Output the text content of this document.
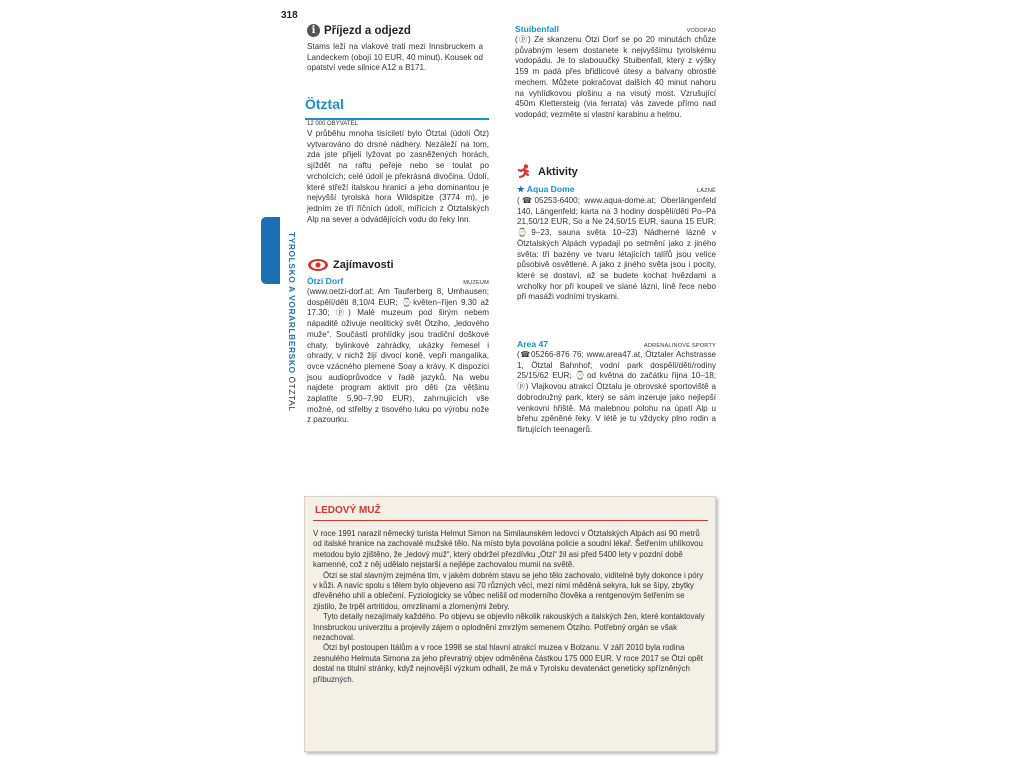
318
TYROLSKO A VORARLBERSKO ÖTZTAL
i Příjezd a odjezd

Stams leží na vlakové trati mezi Innsbruckem a Landeckem (obojí 10 EUR, 40 minut). Kousek od opatství vede silnice A12 a B171.

Ötztal
12 000 OBYVATEL

V průběhu mnoha tisíciletí bylo Ötztal (údolí Ötz) vytvarováno do drsné nádhery. Nezáleží na tom, zda jste přijeli lyžovat po zasněžených horách, sjíždět na raftu peřeje nebo se toulat po vrcholcích; celé údolí je překrásná divočina. Údolí, které střeží italskou hranicí a jeho dominantou je nejvyšší tyrolská hora Wildspitze (3774 m), je jedním ze tří říčních údolí, mířících z Ötztalských Alp na sever a odvádějících vodu do řeky Inn.

Zajímavosti
Ötzi Dorf	MUZEUM

(www.oetzi-dorf.at; Am Tauferberg 8, Umhausen; dospělí/děti 8,10/4 EUR; ⌚květen–říjen 9.30 až 17.30; ⓟ) Malé muzeum pod širým nebem nápaditě oživuje neolitický svět Ötziho, „ledového muže“. Součástí prohlídky jsou tradiční doškové chaty, bylinkové zahrádky, ukázky řemesel i ohrady, v nichž žijí divocí koně, vepři mangalika, ovce vzácného plemene Soay a krávy. K dispozici jsou audioprůvodce v řadě jazyků. Na webu najdete program aktivit pro děti (za většinu zaplatíte 5,90–7,90 EUR), zahrnujících vše možné, od střelby z tisového luku po výrobu nože z pazourku.

Stuibenfall	VODOPÁD

(ⓟ) Ze skanzenu Ötzi Dorf se po 20 minutách chůze půvabným lesem dostanete k nejvyššímu tyrolskému vodopádu. Je to slabouučký Stuibenfall, který z výšky 159 m padá přes břidlicové útesy a balvany obrostlé mechem. Můžete pokračovat dalších 40 minut nahoru na vyhlídkovou plošinu a na visutý most. Vzrušující 450m Klettersteig (via ferrata) vás zavede přímo nad vodopád; vezměte si vlastní karabinu a helmu.

Aktivity
★ Aqua Dome	LÁZNĚ

(☎05253-6400; www.aqua-dome.at; Oberlängenfeld 140, Längenfeld; karta na 3 hodiny dospělí/děti Po–Pá 21,50/12 EUR, So a Ne 24,50/15 EUR, sauna 15 EUR; ⌚9–23, sauna světa 10–23) Nádherné lázně v Ötztalských Alpách vypadají po setmění jako z jiného světa: tři bazény ve tvaru létajících talířů jsou velice působivě osvětlené. A jako z jiného světa jsou i pocity, které se dostaví, až se budete kochat hvězdami a vrcholky hor při koupeli ve slané lázni, líně řece nebo při masáži vodními tryskami.

Area 47	ADRENALINOVÉ SPORTY

(☎05266-876 76; www.area47.at, Ötztaler Achstrasse 1, Ötztal Bahnhof; vodní park dospělí/děti/rodiny 25/15/62 EUR; ⌚od května do začátku října 10–18; ⓟ) Vlajkovou atrakcí Ötztalu je obrovské sportoviště a dobrodružný park, který se sám inzeruje jako nejlepší venkovní hřiště. Má malebnou polohu na úpatí Alp u břehu zpěněné řeky. V létě je tu vždycky plno rodin a flirtujících teenagerů.

LEDOVÝ MUŽ

V roce 1991 narazil německý turista Helmut Simon na Similaunském ledovci v Ötztalských Alpách asi 90 metrů od italské hranice na zachovalé mužské tělo. Na místo byla povolána policie a soudní lékař. Šetřením uhlíkovou metodou bylo zjištěno, že „ledový muž“, který obdržel přezdívku „Ötzi“ žil asi před 5400 lety v pozdní době kamenné, což z něj udělalo nejstarší a nejlépe zachovalou mumii na světě.

Ötzi se stal slavným zejména tím, v jakém dobrém stavu se jeho tělo zachovalo, viditelné byly dokonce i póry v kůži. A navíc spolu s tělem bylo objeveno asi 70 různých věcí, mezi nimi měděná sekyra, luk se šípy, zbytky dřevěného uhlí a oblečení. Fyziologicky se vůbec nelišil od moderního člověka a rentgenovým šetřením se zjistilo, že trpěl artritidou, omrzlinami a zlomenými žebry.

Tyto detaily nezajímaly každého. Po objevu se objevilo několik rakouských a italských žen, které kontaktovaly Innsbruckou univerzitu a projevily zájem o oplodnění zmrzlým semenem Ötziho. Potřebný orgán se však nezachoval.

Ötzi byl postoupen Itálům a v roce 1998 se stal hlavní atrakcí muzea v Bolzanu. V září 2010 byla rodina zesnulého Helmuta Simona za jeho převratný objev odměněna částkou 175 000 EUR. V roce 2017 se Ötzi opět dostal na titulní stránky, když nejnovější výzkum odhalil, že má v Tyrolsku devatenáct geneticky spřízněných příbuzných.
